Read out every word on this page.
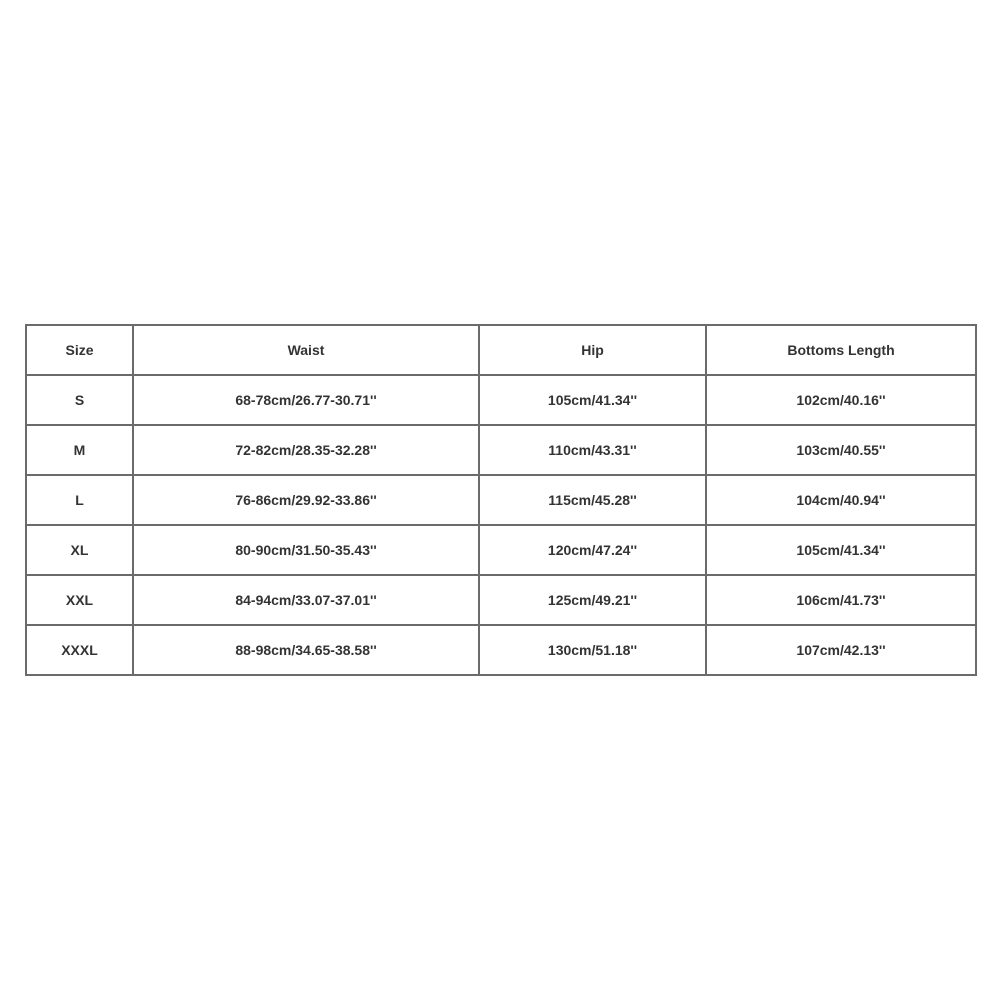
Size	Waist	Hip	Bottoms Length
S	68-78cm/26.77-30.71''	105cm/41.34''	102cm/40.16''
M	72-82cm/28.35-32.28''	110cm/43.31''	103cm/40.55''
L	76-86cm/29.92-33.86''	115cm/45.28''	104cm/40.94''
XL	80-90cm/31.50-35.43''	120cm/47.24''	105cm/41.34''
XXL	84-94cm/33.07-37.01''	125cm/49.21''	106cm/41.73''
XXXL	88-98cm/34.65-38.58''	130cm/51.18''	107cm/42.13''
